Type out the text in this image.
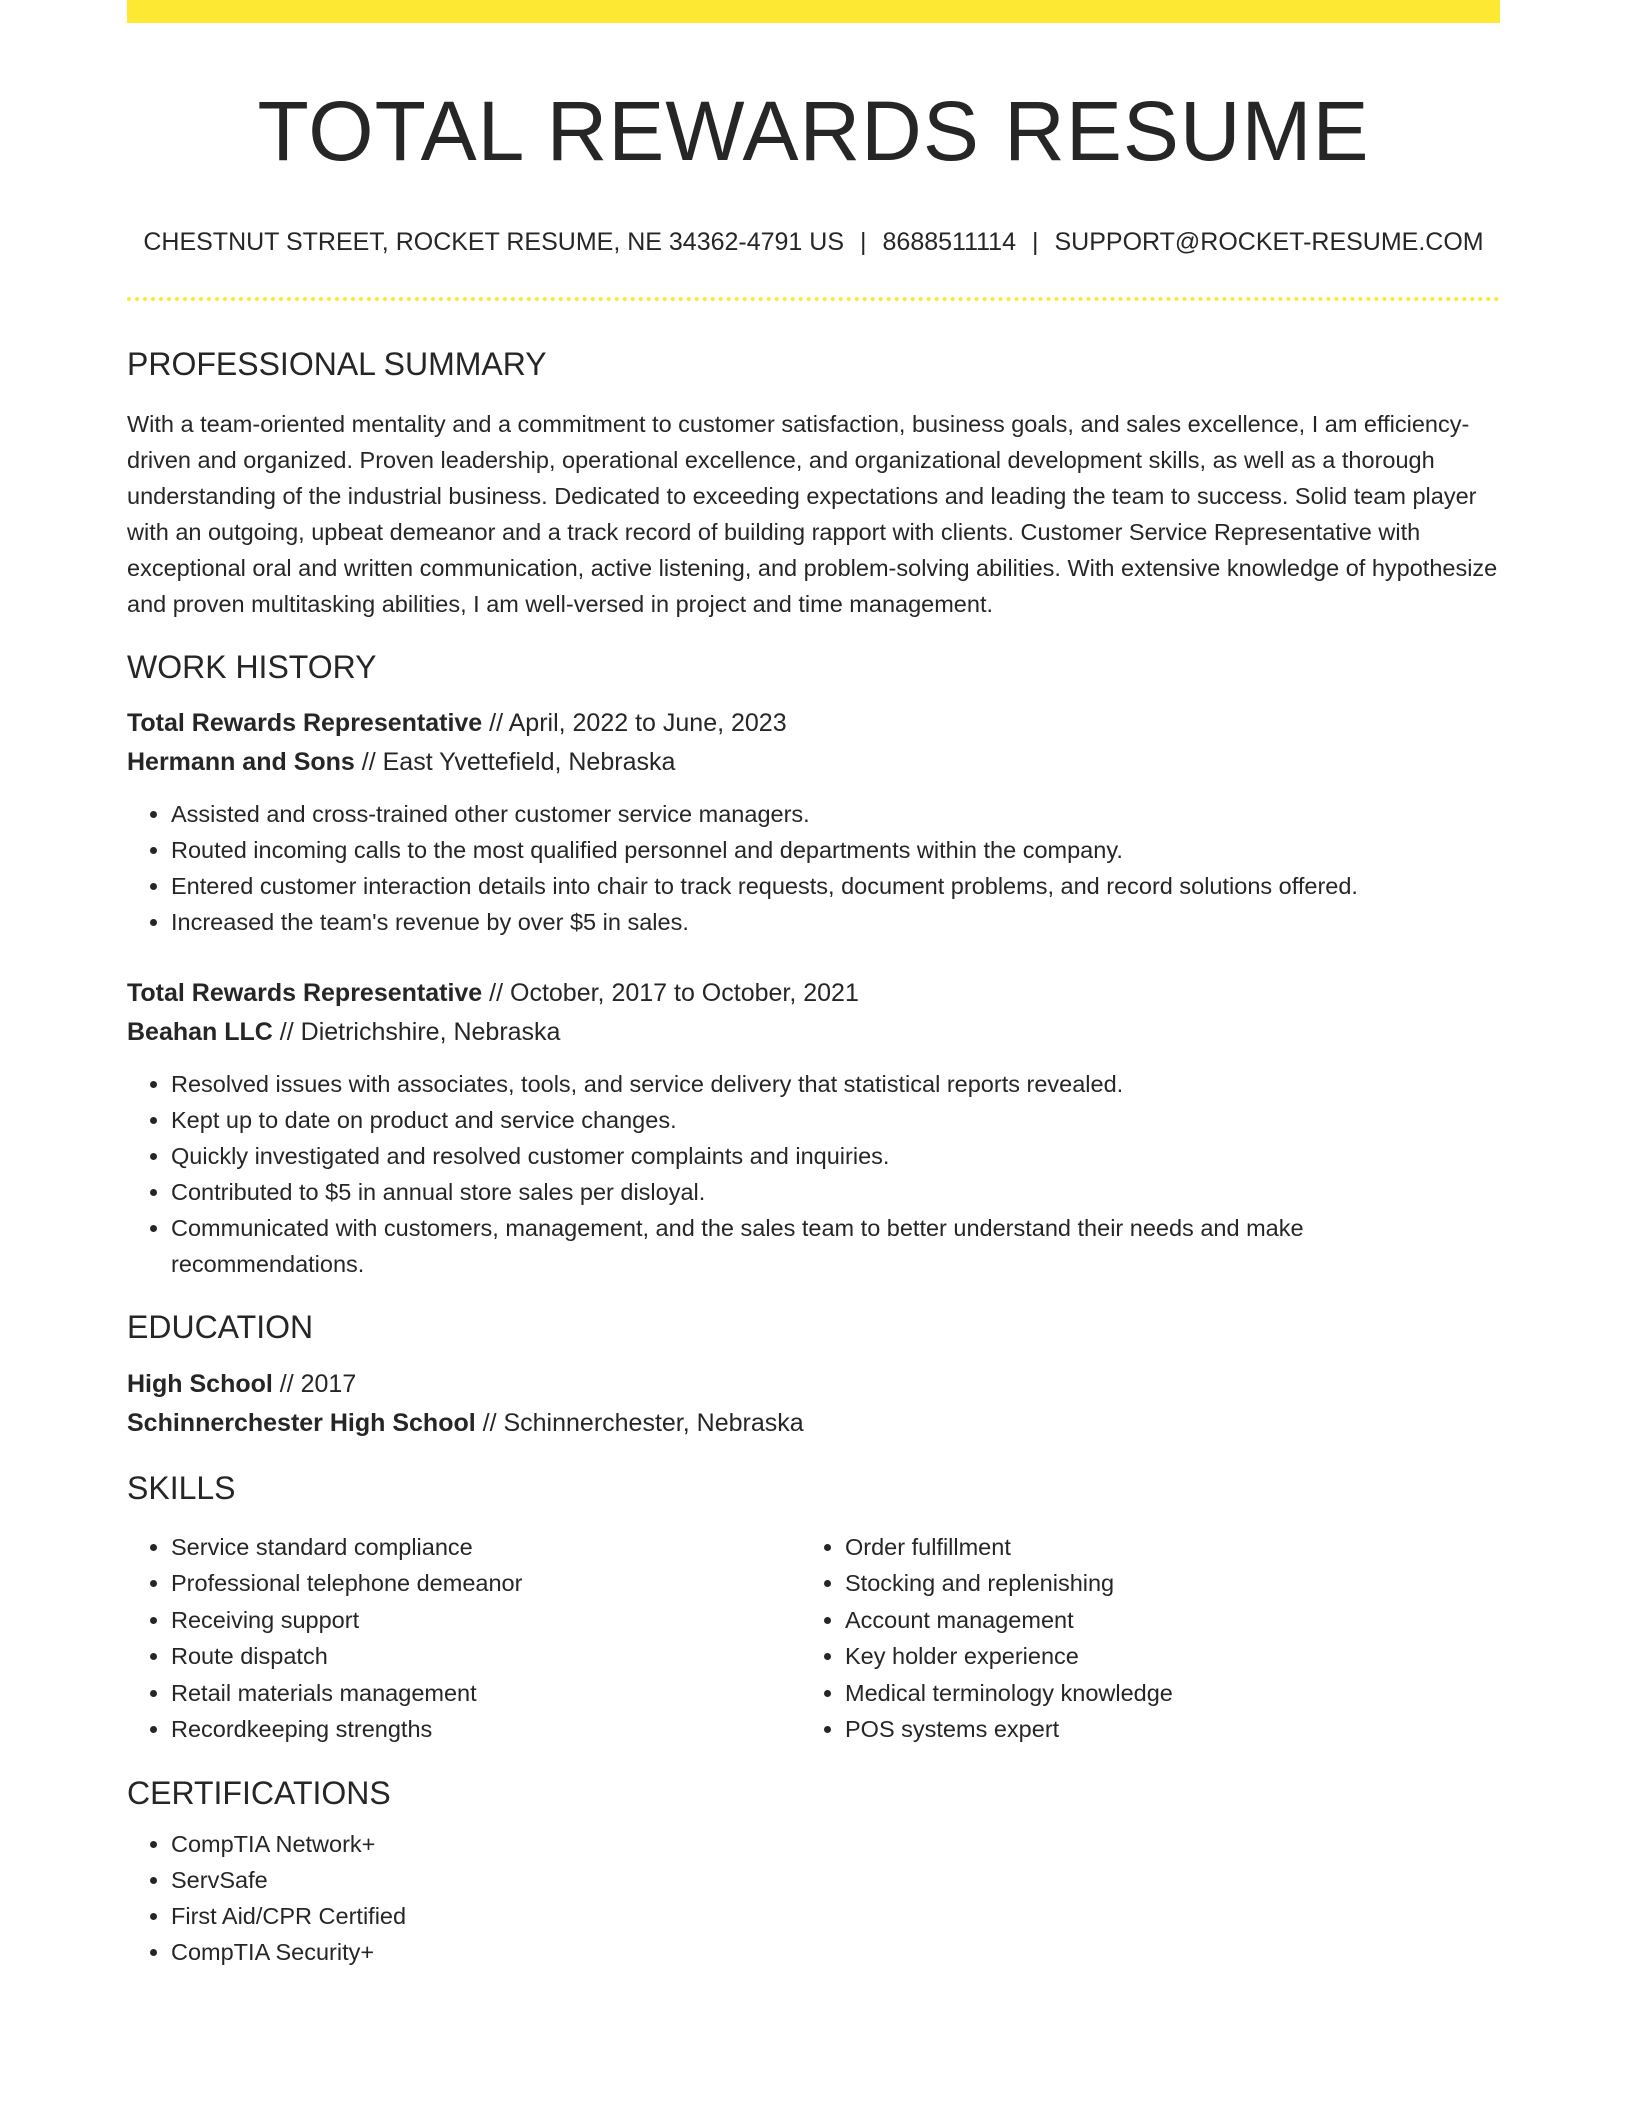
TOTAL REWARDS RESUME
CHESTNUT STREET, ROCKET RESUME, NE 34362-4791 US | 8688511114 | SUPPORT@ROCKET-RESUME.COM
PROFESSIONAL SUMMARY
With a team-oriented mentality and a commitment to customer satisfaction, business goals, and sales excellence, I am efficiency-driven and organized. Proven leadership, operational excellence, and organizational development skills, as well as a thorough understanding of the industrial business. Dedicated to exceeding expectations and leading the team to success. Solid team player with an outgoing, upbeat demeanor and a track record of building rapport with clients. Customer Service Representative with exceptional oral and written communication, active listening, and problem-solving abilities. With extensive knowledge of hypothesize and proven multitasking abilities, I am well-versed in project and time management.
WORK HISTORY
Total Rewards Representative // April, 2022 to June, 2023
Hermann and Sons // East Yvettefield, Nebraska
• Assisted and cross-trained other customer service managers.
• Routed incoming calls to the most qualified personnel and departments within the company.
• Entered customer interaction details into chair to track requests, document problems, and record solutions offered.
• Increased the team's revenue by over $5 in sales.
Total Rewards Representative // October, 2017 to October, 2021
Beahan LLC // Dietrichshire, Nebraska
• Resolved issues with associates, tools, and service delivery that statistical reports revealed.
• Kept up to date on product and service changes.
• Quickly investigated and resolved customer complaints and inquiries.
• Contributed to $5 in annual store sales per disloyal.
• Communicated with customers, management, and the sales team to better understand their needs and make recommendations.
EDUCATION
High School // 2017
Schinnerchester High School // Schinnerchester, Nebraska
SKILLS
• Service standard compliance
• Professional telephone demeanor
• Receiving support
• Route dispatch
• Retail materials management
• Recordkeeping strengths
• Order fulfillment
• Stocking and replenishing
• Account management
• Key holder experience
• Medical terminology knowledge
• POS systems expert
CERTIFICATIONS
• CompTIA Network+
• ServSafe
• First Aid/CPR Certified
• CompTIA Security+
